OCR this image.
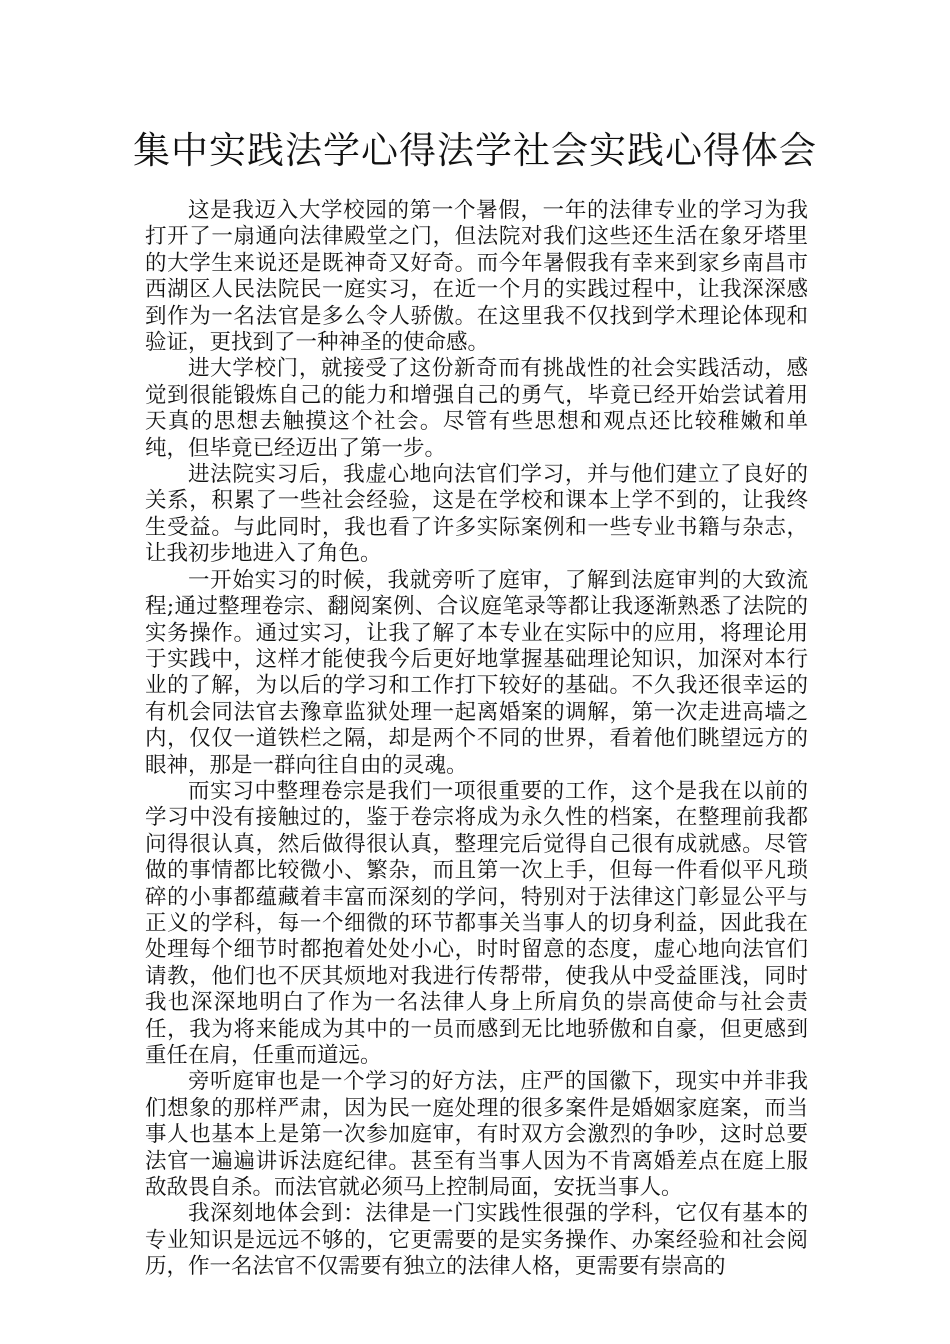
集中实践法学心得法学社会实践心得体会

这是我迈入大学校园的第一个暑假，一年的法律专业的学习为我打开了一扇通向法律殿堂之门，但法院对我们这些还生活在象牙塔里的大学生来说还是既神奇又好奇。而今年暑假我有幸来到家乡南昌市西湖区人民法院民一庭实习，在近一个月的实践过程中，让我深深感到作为一名法官是多么令人骄傲。在这里我不仅找到学术理论体现和验证，更找到了一种神圣的使命感。

进大学校门，就接受了这份新奇而有挑战性的社会实践活动，感觉到很能锻炼自己的能力和增强自己的勇气，毕竟已经开始尝试着用天真的思想去触摸这个社会。尽管有些思想和观点还比较稚嫩和单纯，但毕竟已经迈出了第一步。

进法院实习后，我虚心地向法官们学习，并与他们建立了良好的关系，积累了一些社会经验，这是在学校和课本上学不到的，让我终生受益。与此同时，我也看了许多实际案例和一些专业书籍与杂志，让我初步地进入了角色。

一开始实习的时候，我就旁听了庭审，了解到法庭审判的大致流程;通过整理卷宗、翻阅案例、合议庭笔录等都让我逐渐熟悉了法院的实务操作。通过实习，让我了解了本专业在实际中的应用，将理论用于实践中，这样才能使我今后更好地掌握基础理论知识，加深对本行业的了解，为以后的学习和工作打下较好的基础。不久我还很幸运的有机会同法官去豫章监狱处理一起离婚案的调解，第一次走进高墙之内，仅仅一道铁栏之隔，却是两个不同的世界，看着他们眺望远方的眼神，那是一群向往自由的灵魂。

而实习中整理卷宗是我们一项很重要的工作，这个是我在以前的学习中没有接触过的，鉴于卷宗将成为永久性的档案，在整理前我都问得很认真，然后做得很认真，整理完后觉得自己很有成就感。尽管做的事情都比较微小、繁杂，而且第一次上手，但每一件看似平凡琐碎的小事都蕴藏着丰富而深刻的学问，特别对于法律这门彰显公平与正义的学科，每一个细微的环节都事关当事人的切身利益，因此我在处理每个细节时都抱着处处小心，时时留意的态度，虚心地向法官们请教，他们也不厌其烦地对我进行传帮带，使我从中受益匪浅，同时我也深深地明白了作为一名法律人身上所肩负的崇高使命与社会责任，我为将来能成为其中的一员而感到无比地骄傲和自豪，但更感到重任在肩，任重而道远。

旁听庭审也是一个学习的好方法，庄严的国徽下，现实中并非我们想象的那样严肃，因为民一庭处理的很多案件是婚姻家庭案，而当事人也基本上是第一次参加庭审，有时双方会激烈的争吵，这时总要法官一遍遍讲诉法庭纪律。甚至有当事人因为不肯离婚差点在庭上服敌敌畏自杀。而法官就必须马上控制局面，安抚当事人。

我深刻地体会到：法律是一门实践性很强的学科，它仅有基本的专业知识是远远不够的，它更需要的是实务操作、办案经验和社会阅历，作一名法官不仅需要有独立的法律人格，更需要有崇高的
